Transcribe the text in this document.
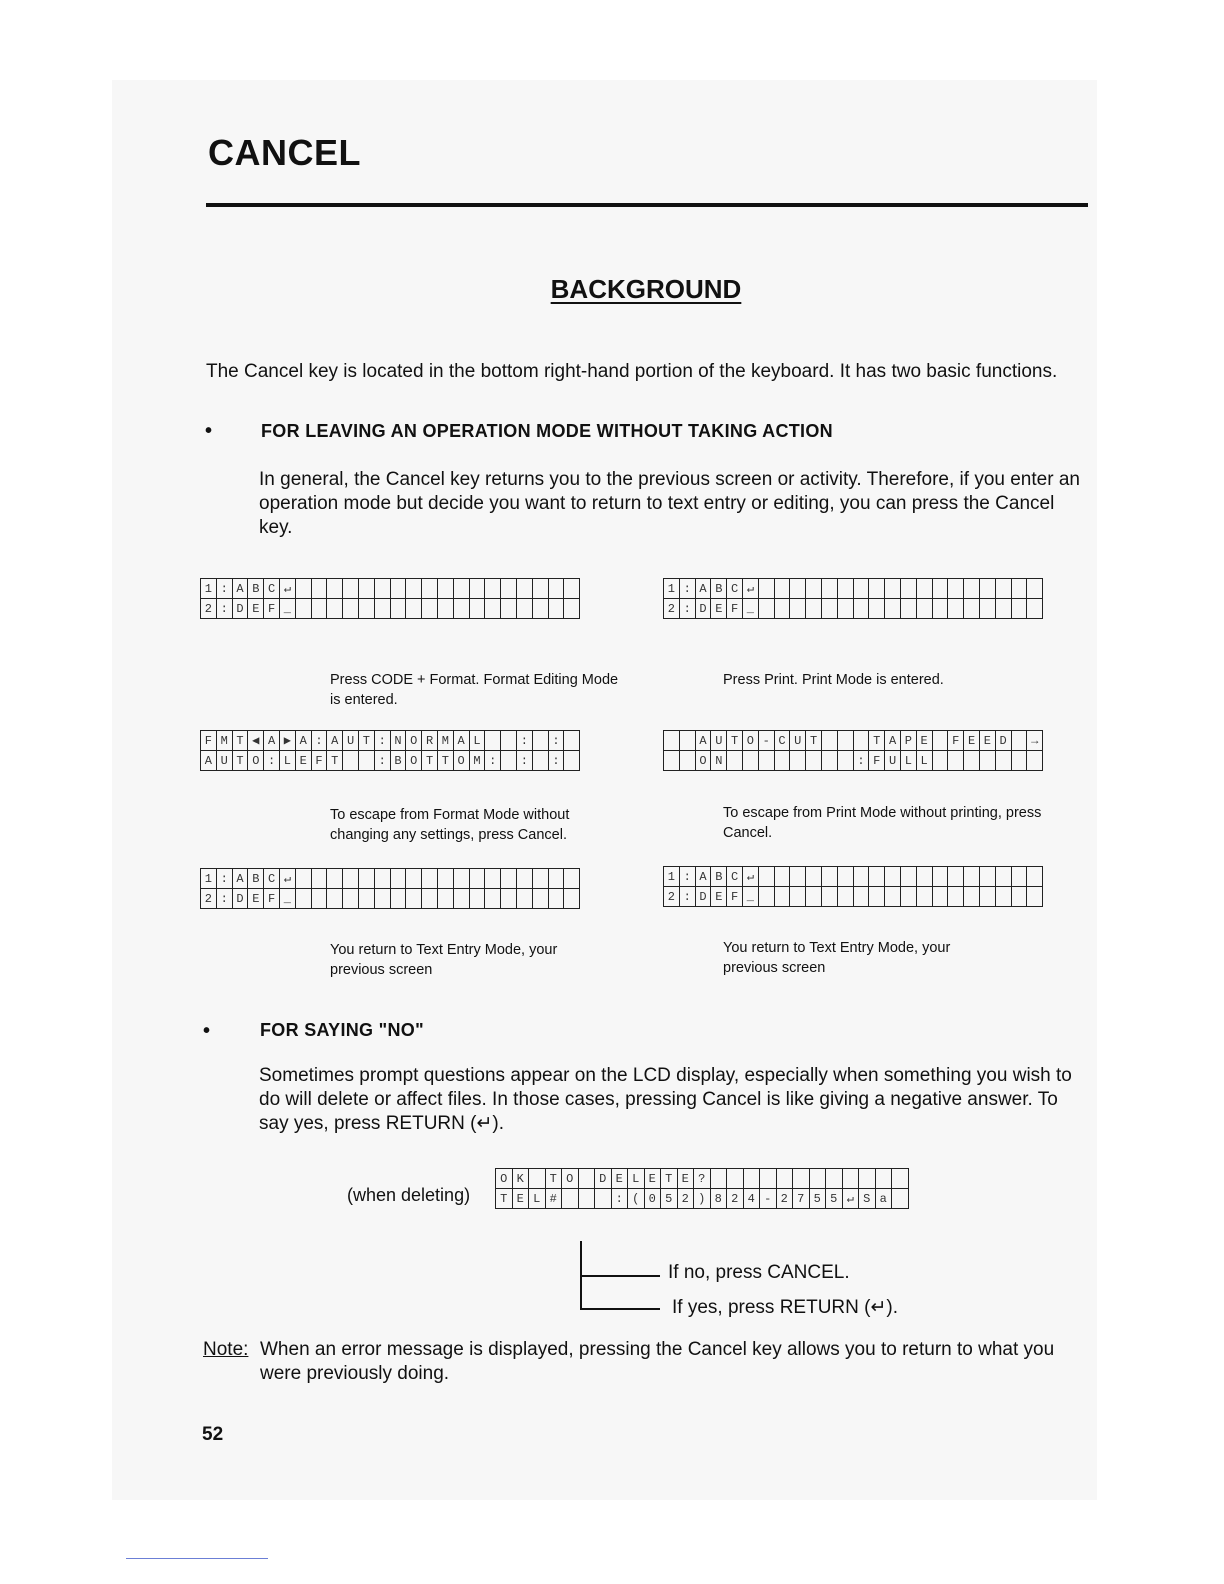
CANCEL
BACKGROUND
The Cancel key is located in the bottom right-hand portion of the keyboard. It has two basic functions.
•	FOR LEAVING AN OPERATION MODE WITHOUT TAKING ACTION
In general, the Cancel key returns you to the previous screen or activity. Therefore, if you enter an operation mode but decide you want to return to text entry or editing, you can press the Cancel key.
1	:	A	B	C	↵																		
2	:	D	E	F	_																		
1	:	A	B	C	↵																		
2	:	D	E	F	_																		
Press CODE + Format. Format Editing Mode is entered.
Press Print. Print Mode is entered.
F	M	T	◀	A	▶	A	:	A	U	T	:	N	O	R	M	A	L			:		:	
A	U	T	O	:	L	E	F	T			:	B	O	T	T	O	M	:		:		:	
		A	U	T	O	-	C	U	T				T	A	P	E		F	E	E	D		→
		O	N									:	F	U	L	L							
To escape from Format Mode without changing any settings, press Cancel.
To escape from Print Mode without printing, press Cancel.
1	:	A	B	C	↵																		
2	:	D	E	F	_																		
1	:	A	B	C	↵																		
2	:	D	E	F	_																		
You return to Text Entry Mode, your previous screen
You return to Text Entry Mode, your previous screen
•	FOR SAYING "NO"
Sometimes prompt questions appear on the LCD display, especially when something you wish to do will delete or affect files. In those cases, pressing Cancel is like giving a negative answer. To say yes, press RETURN (↵).
(when deleting)
O	K		T	O		D	E	L	E	T	E	?												
T	E	L	#				:	(	0	5	2	)	8	2	4	-	2	7	5	5	↵	S	a	
If no, press CANCEL.
If yes, press RETURN (↵).
Note: When an error message is displayed, pressing the Cancel key allows you to return to what you were previously doing.
52
